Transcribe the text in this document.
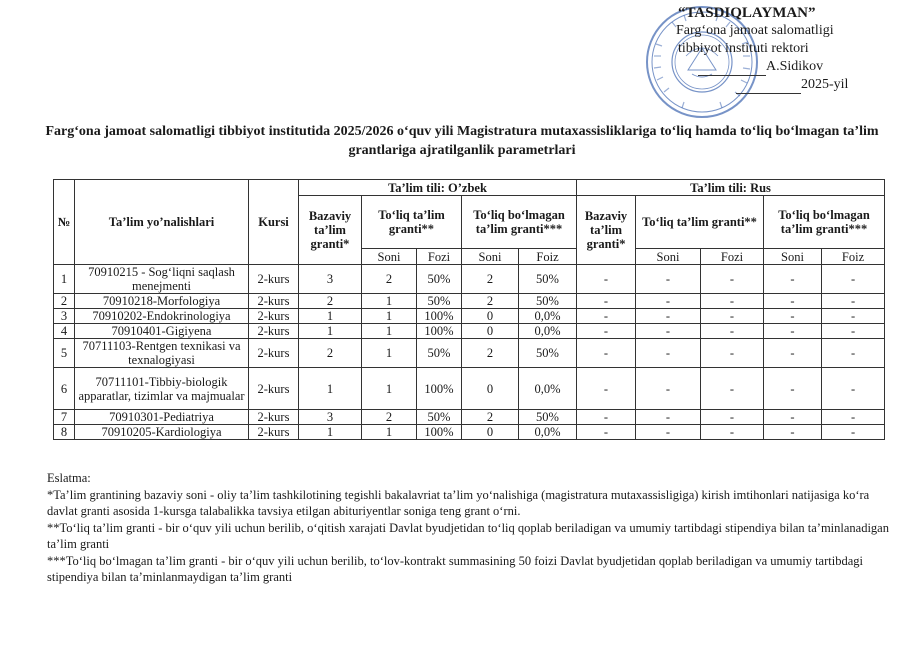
“TASDIQLAYMAN”
Farg‘ona jamoat salomatligi
tibbiyot instituti rektori
A.Sidikov
2025-yil
Farg‘ona jamoat salomatligi tibbiyot institutida 2025/2026 o‘quv yili Magistratura mutaxassisliklariga to‘liq hamda to‘liq bo‘lmagan ta’lim grantlariga ajratilganlik parametrlari
№	Ta’lim yo’nalishlari	Kursi	Ta’lim tili: O’zbek					Ta’lim tili: Rus				
			Bazaviy ta’lim granti*	To‘liq ta’lim granti**		To‘liq bo‘lmagan ta’lim granti***		Bazaviy ta’lim granti*	To‘liq ta’lim granti**		To‘liq bo‘lmagan ta’lim granti***	
				Soni	Fozi	Soni	Foiz		Soni	Fozi	Soni	Foiz
1	70910215 - Sog‘liqni saqlash menejmenti	2-kurs	3	2	50%	2	50%	-	-	-	-	-
2	70910218-Morfologiya	2-kurs	2	1	50%	2	50%	-	-	-	-	-
3	70910202-Endokrinologiya	2-kurs	1	1	100%	0	0,0%	-	-	-	-	-
4	70910401-Gigiyena	2-kurs	1	1	100%	0	0,0%	-	-	-	-	-
5	70711103-Rentgen texnikasi va texnalogiyasi	2-kurs	2	1	50%	2	50%	-	-	-	-	-
6	70711101-Tibbiy-biologik apparatlar, tizimlar va majmualar	2-kurs	1	1	100%	0	0,0%	-	-	-	-	-
7	70910301-Pediatriya	2-kurs	3	2	50%	2	50%	-	-	-	-	-
8	70910205-Kardiologiya	2-kurs	1	1	100%	0	0,0%	-	-	-	-	-

Eslatma:

*Ta’lim grantining bazaviy soni - oliy ta’lim tashkilotining tegishli bakalavriat ta’lim yo‘nalishiga (magistratura mutaxassisligiga) kirish imtihonlari natijasiga ko‘ra davlat granti asosida 1-kursga talabalikka tavsiya etilgan abituriyentlar soniga teng grant o‘rni.

**To‘liq ta’lim granti - bir o‘quv yili uchun berilib, o‘qitish xarajati Davlat byudjetidan to‘liq qoplab beriladigan va umumiy tartibdagi stipendiya bilan ta’minlanadigan ta’lim granti

***To‘liq bo‘lmagan ta’lim granti - bir o‘quv yili uchun berilib, to‘lov-kontrakt summasining 50 foizi Davlat byudjetidan qoplab beriladigan va umumiy tartibdagi stipendiya bilan ta’minlanmaydigan ta’lim granti
